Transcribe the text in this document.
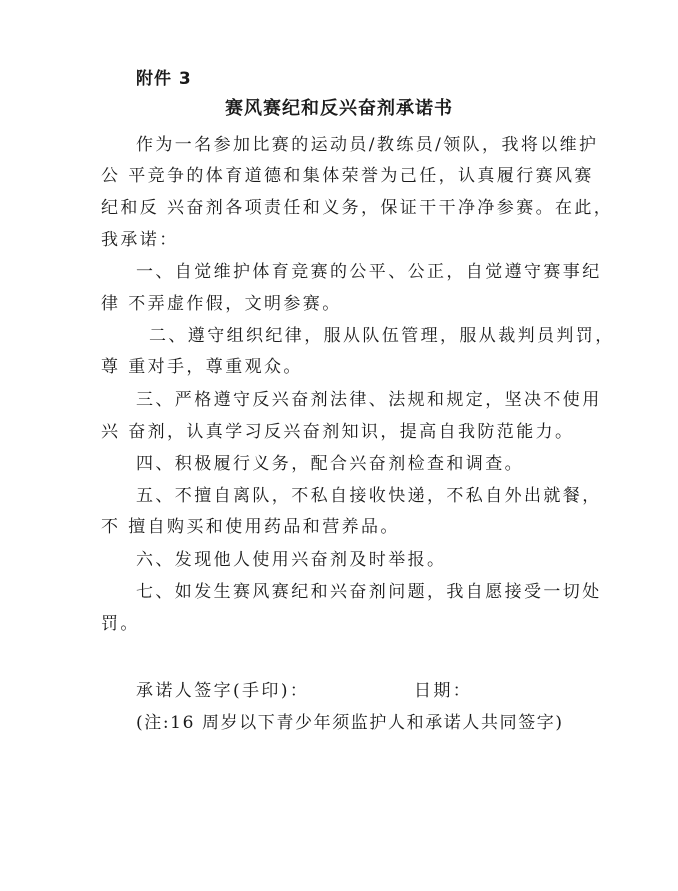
附件 3
赛风赛纪和反兴奋剂承诺书
作为一名参加比赛的运动员/教练员/领队，我将以维护
公 平竞争的体育道德和集体荣誉为己任，认真履行赛风赛
纪和反 兴奋剂各项责任和义务，保证干干净净参赛。在此，
我承诺：
一、自觉维护体育竞赛的公平、公正，自觉遵守赛事纪
律 不弄虚作假，文明参赛。
二、遵守组织纪律，服从队伍管理，服从裁判员判罚，
尊 重对手，尊重观众。
三、严格遵守反兴奋剂法律、法规和规定，坚决不使用
兴 奋剂，认真学习反兴奋剂知识，提高自我防范能力。
四、积极履行义务，配合兴奋剂检查和调查。
五、不擅自离队，不私自接收快递，不私自外出就餐，
不 擅自购买和使用药品和营养品。
六、发现他人使用兴奋剂及时举报。
七、如发生赛风赛纪和兴奋剂问题，我自愿接受一切处
罚。
承诺人签字(手印)：	日期：
(注:16 周岁以下青少年须监护人和承诺人共同签字)
